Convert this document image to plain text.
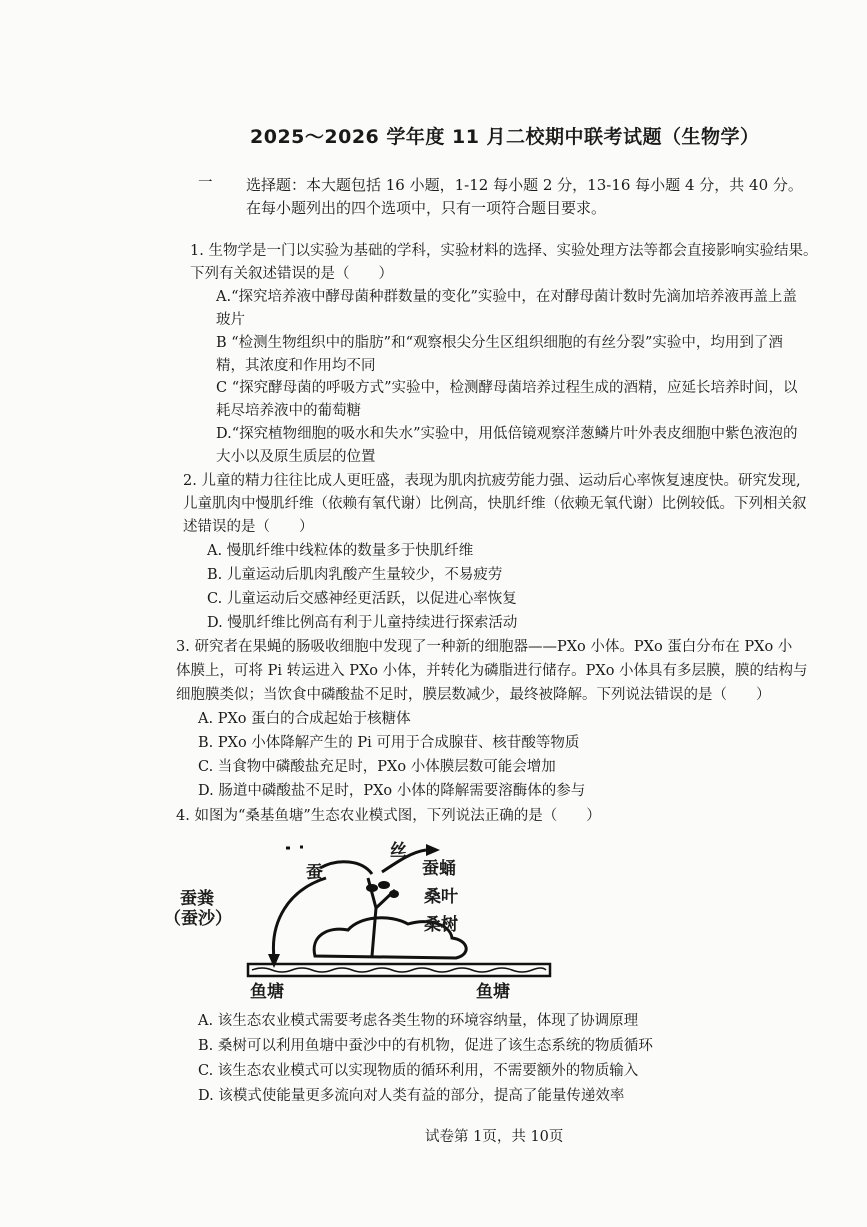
2025～2026 学年度 11 月二校期中联考试题（生物学）
一 选择题：本大题包括 16 小题，1-12 每小题 2 分，13-16 每小题 4 分，共 40 分。
在每小题列出的四个选项中，只有一项符合题目要求。
1. 生物学是一门以实验为基础的学科，实验材料的选择、实验处理方法等都会直接影响实验结果。
下列有关叙述错误的是（　　）
A.“探究培养液中酵母菌种群数量的变化”实验中，在对酵母菌计数时先滴加培养液再盖上盖
玻片
B “检测生物组织中的脂肪”和“观察根尖分生区组织细胞的有丝分裂”实验中，均用到了酒
精，其浓度和作用均不同
C “探究酵母菌的呼吸方式”实验中，检测酵母菌培养过程生成的酒精，应延长培养时间，以
耗尽培养液中的葡萄糖
D.“探究植物细胞的吸水和失水”实验中，用低倍镜观察洋葱鳞片叶外表皮细胞中紫色液泡的
大小以及原生质层的位置
2. 儿童的精力往往比成人更旺盛，表现为肌肉抗疲劳能力强、运动后心率恢复速度快。研究发现,
儿童肌肉中慢肌纤维（依赖有氧代谢）比例高，快肌纤维（依赖无氧代谢）比例较低。下列相关叙
述错误的是（　　）
A. 慢肌纤维中线粒体的数量多于快肌纤维
B. 儿童运动后肌肉乳酸产生量较少，不易疲劳
C. 儿童运动后交感神经更活跃，以促进心率恢复
D. 慢肌纤维比例高有利于儿童持续进行探索活动
3. 研究者在果蝇的肠吸收细胞中发现了一种新的细胞器——PXo 小体。PXo 蛋白分布在 PXo 小
体膜上，可将 Pi 转运进入 PXo 小体，并转化为磷脂进行储存。PXo 小体具有多层膜，膜的结构与
细胞膜类似；当饮食中磷酸盐不足时，膜层数减少，最终被降解。下列说法错误的是（　　）
A. PXo 蛋白的合成起始于核糖体
B. PXo 小体降解产生的 Pi 可用于合成腺苷、核苷酸等物质
C. 当食物中磷酸盐充足时，PXo 小体膜层数可能会增加
D. 肠道中磷酸盐不足时，PXo 小体的降解需要溶酶体的参与
4. 如图为“桑基鱼塘”生态农业模式图，下列说法正确的是（　　）
丝
蚕	蚕蛹
桑叶
桑树
蚕粪
（蚕沙）
鱼塘	鱼塘
A. 该生态农业模式需要考虑各类生物的环境容纳量，体现了协调原理
B. 桑树可以利用鱼塘中蚕沙中的有机物，促进了该生态系统的物质循环
C. 该生态农业模式可以实现物质的循环利用，不需要额外的物质输入
D. 该模式使能量更多流向对人类有益的部分，提高了能量传递效率
试卷第 1页，共 10页
